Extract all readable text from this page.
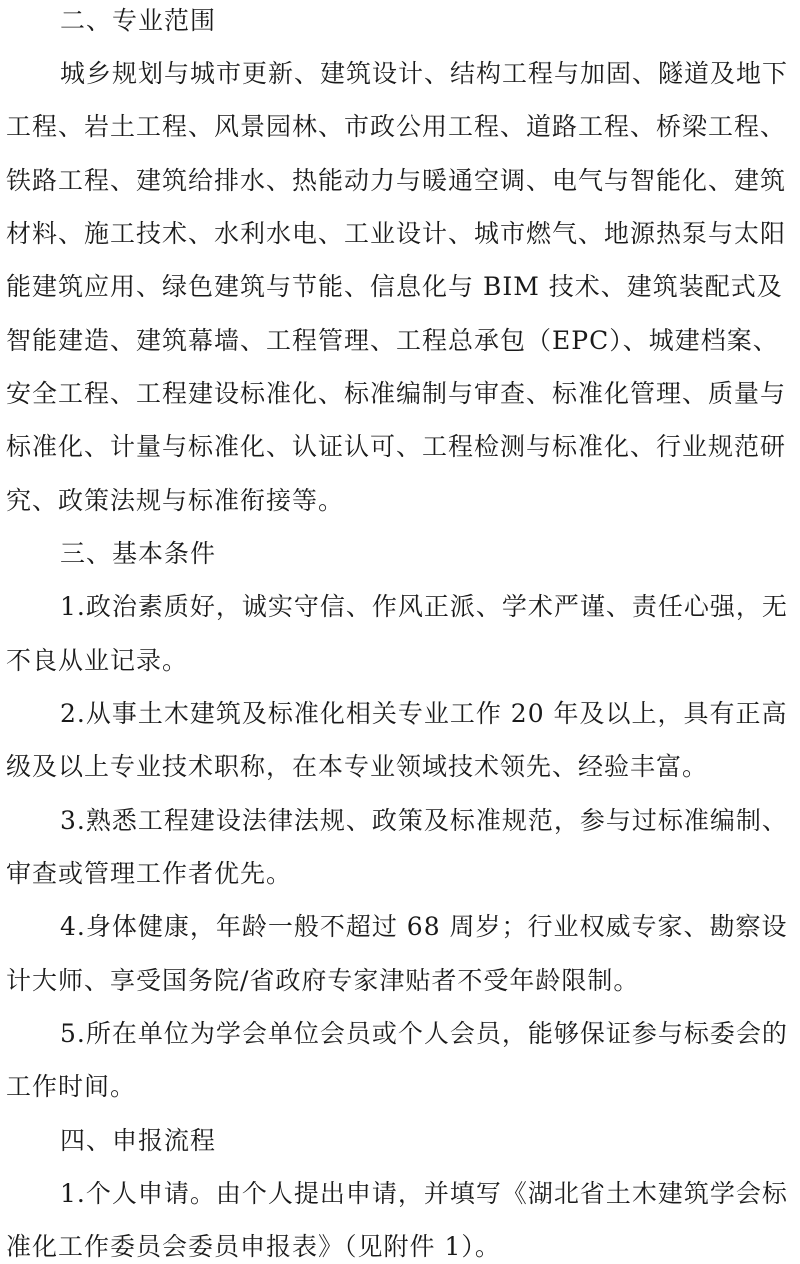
二、专业范围
城乡规划与城市更新、建筑设计、结构工程与加固、隧道及地下
工程、岩土工程、风景园林、市政公用工程、道路工程、桥梁工程、
铁路工程、建筑给排水、热能动力与暖通空调、电气与智能化、建筑
材料、施工技术、水利水电、工业设计、城市燃气、地源热泵与太阳
能建筑应用、绿色建筑与节能、信息化与 BIM 技术、建筑装配式及
智能建造、建筑幕墙、工程管理、工程总承包（EPC）、城建档案、
安全工程、工程建设标准化、标准编制与审查、标准化管理、质量与
标准化、计量与标准化、认证认可、工程检测与标准化、行业规范研
究、政策法规与标准衔接等。
三、基本条件
1.政治素质好，诚实守信、作风正派、学术严谨、责任心强，无
不良从业记录。
2.从事土木建筑及标准化相关专业工作 20 年及以上，具有正高
级及以上专业技术职称，在本专业领域技术领先、经验丰富。
3.熟悉工程建设法律法规、政策及标准规范，参与过标准编制、
审查或管理工作者优先。
4.身体健康，年龄一般不超过 68 周岁；行业权威专家、勘察设
计大师、享受国务院/省政府专家津贴者不受年龄限制。
5.所在单位为学会单位会员或个人会员，能够保证参与标委会的
工作时间。
四、申报流程
1.个人申请。由个人提出申请，并填写《湖北省土木建筑学会标
准化工作委员会委员申报表》（见附件 1）。
